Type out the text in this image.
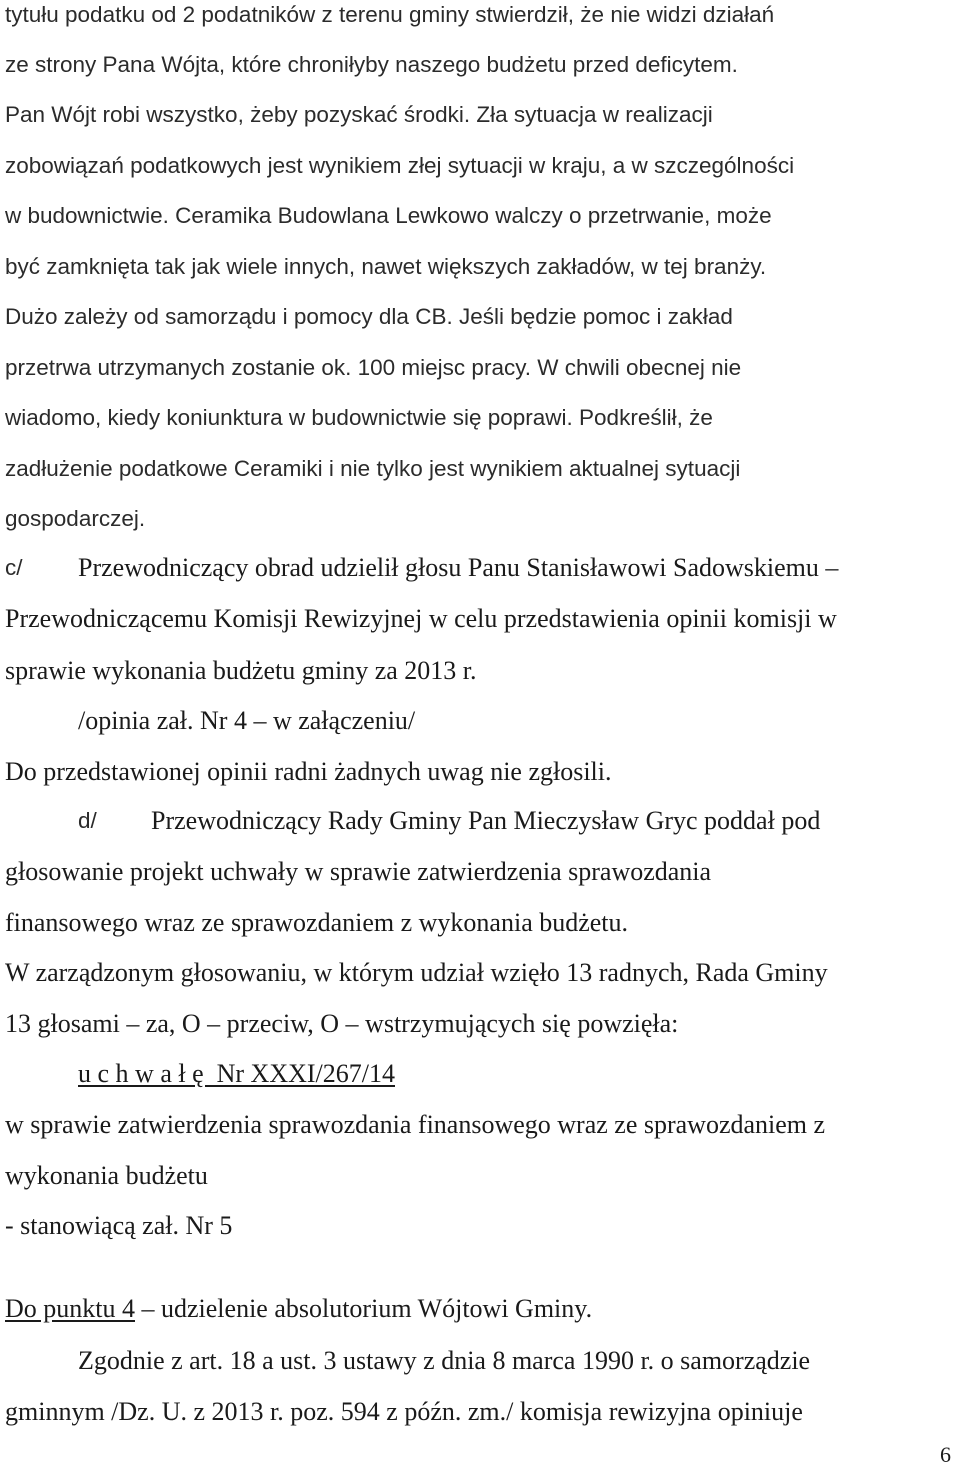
tytułu podatku od 2 podatników z terenu gminy stwierdził, że nie widzi działań

ze strony Pana Wójta, które chroniłyby naszego budżetu przed deficytem.

Pan Wójt robi wszystko, żeby pozyskać środki. Zła sytuacja w realizacji

zobowiązań podatkowych jest wynikiem złej sytuacji w kraju, a w szczególności

w budownictwie. Ceramika Budowlana Lewkowo walczy o przetrwanie, może

być zamknięta tak jak wiele innych, nawet większych zakładów, w tej branży.

Dużo zależy od samorządu i pomocy dla CB. Jeśli będzie pomoc i zakład

przetrwa utrzymanych zostanie ok. 100 miejsc pracy. W chwili obecnej nie

wiadomo, kiedy koniunktura w budownictwie się poprawi. Podkreślił, że

zadłużenie podatkowe Ceramiki i nie tylko jest wynikiem aktualnej sytuacji

gospodarczej.

c/ Przewodniczący obrad udzielił głosu Panu Stanisławowi Sadowskiemu –

Przewodniczącemu Komisji Rewizyjnej w celu przedstawienia opinii komisji w

sprawie wykonania budżetu gminy za 2013 r.

/opinia zał. Nr 4 – w załączeniu/

Do przedstawionej opinii radni żadnych uwag nie zgłosili.

d/ Przewodniczący Rady Gminy Pan Mieczysław Gryc poddał pod

głosowanie projekt uchwały w sprawie zatwierdzenia sprawozdania

finansowego wraz ze sprawozdaniem z wykonania budżetu.

W zarządzonym głosowaniu, w którym udział wzięło 13 radnych, Rada Gminy

13 głosami – za, O – przeciw, O – wstrzymujących się powzięła:

u c h w a ł ę  Nr XXXI/267/14

w sprawie zatwierdzenia sprawozdania finansowego wraz ze sprawozdaniem z

wykonania budżetu

- stanowiącą zał. Nr 5

Do punktu 4 – udzielenie absolutorium Wójtowi Gminy.

Zgodnie z art. 18 a ust. 3 ustawy z dnia 8 marca 1990 r. o samorządzie

gminnym /Dz. U. z 2013 r. poz. 594 z późn. zm./ komisja rewizyjna opiniuje

6
